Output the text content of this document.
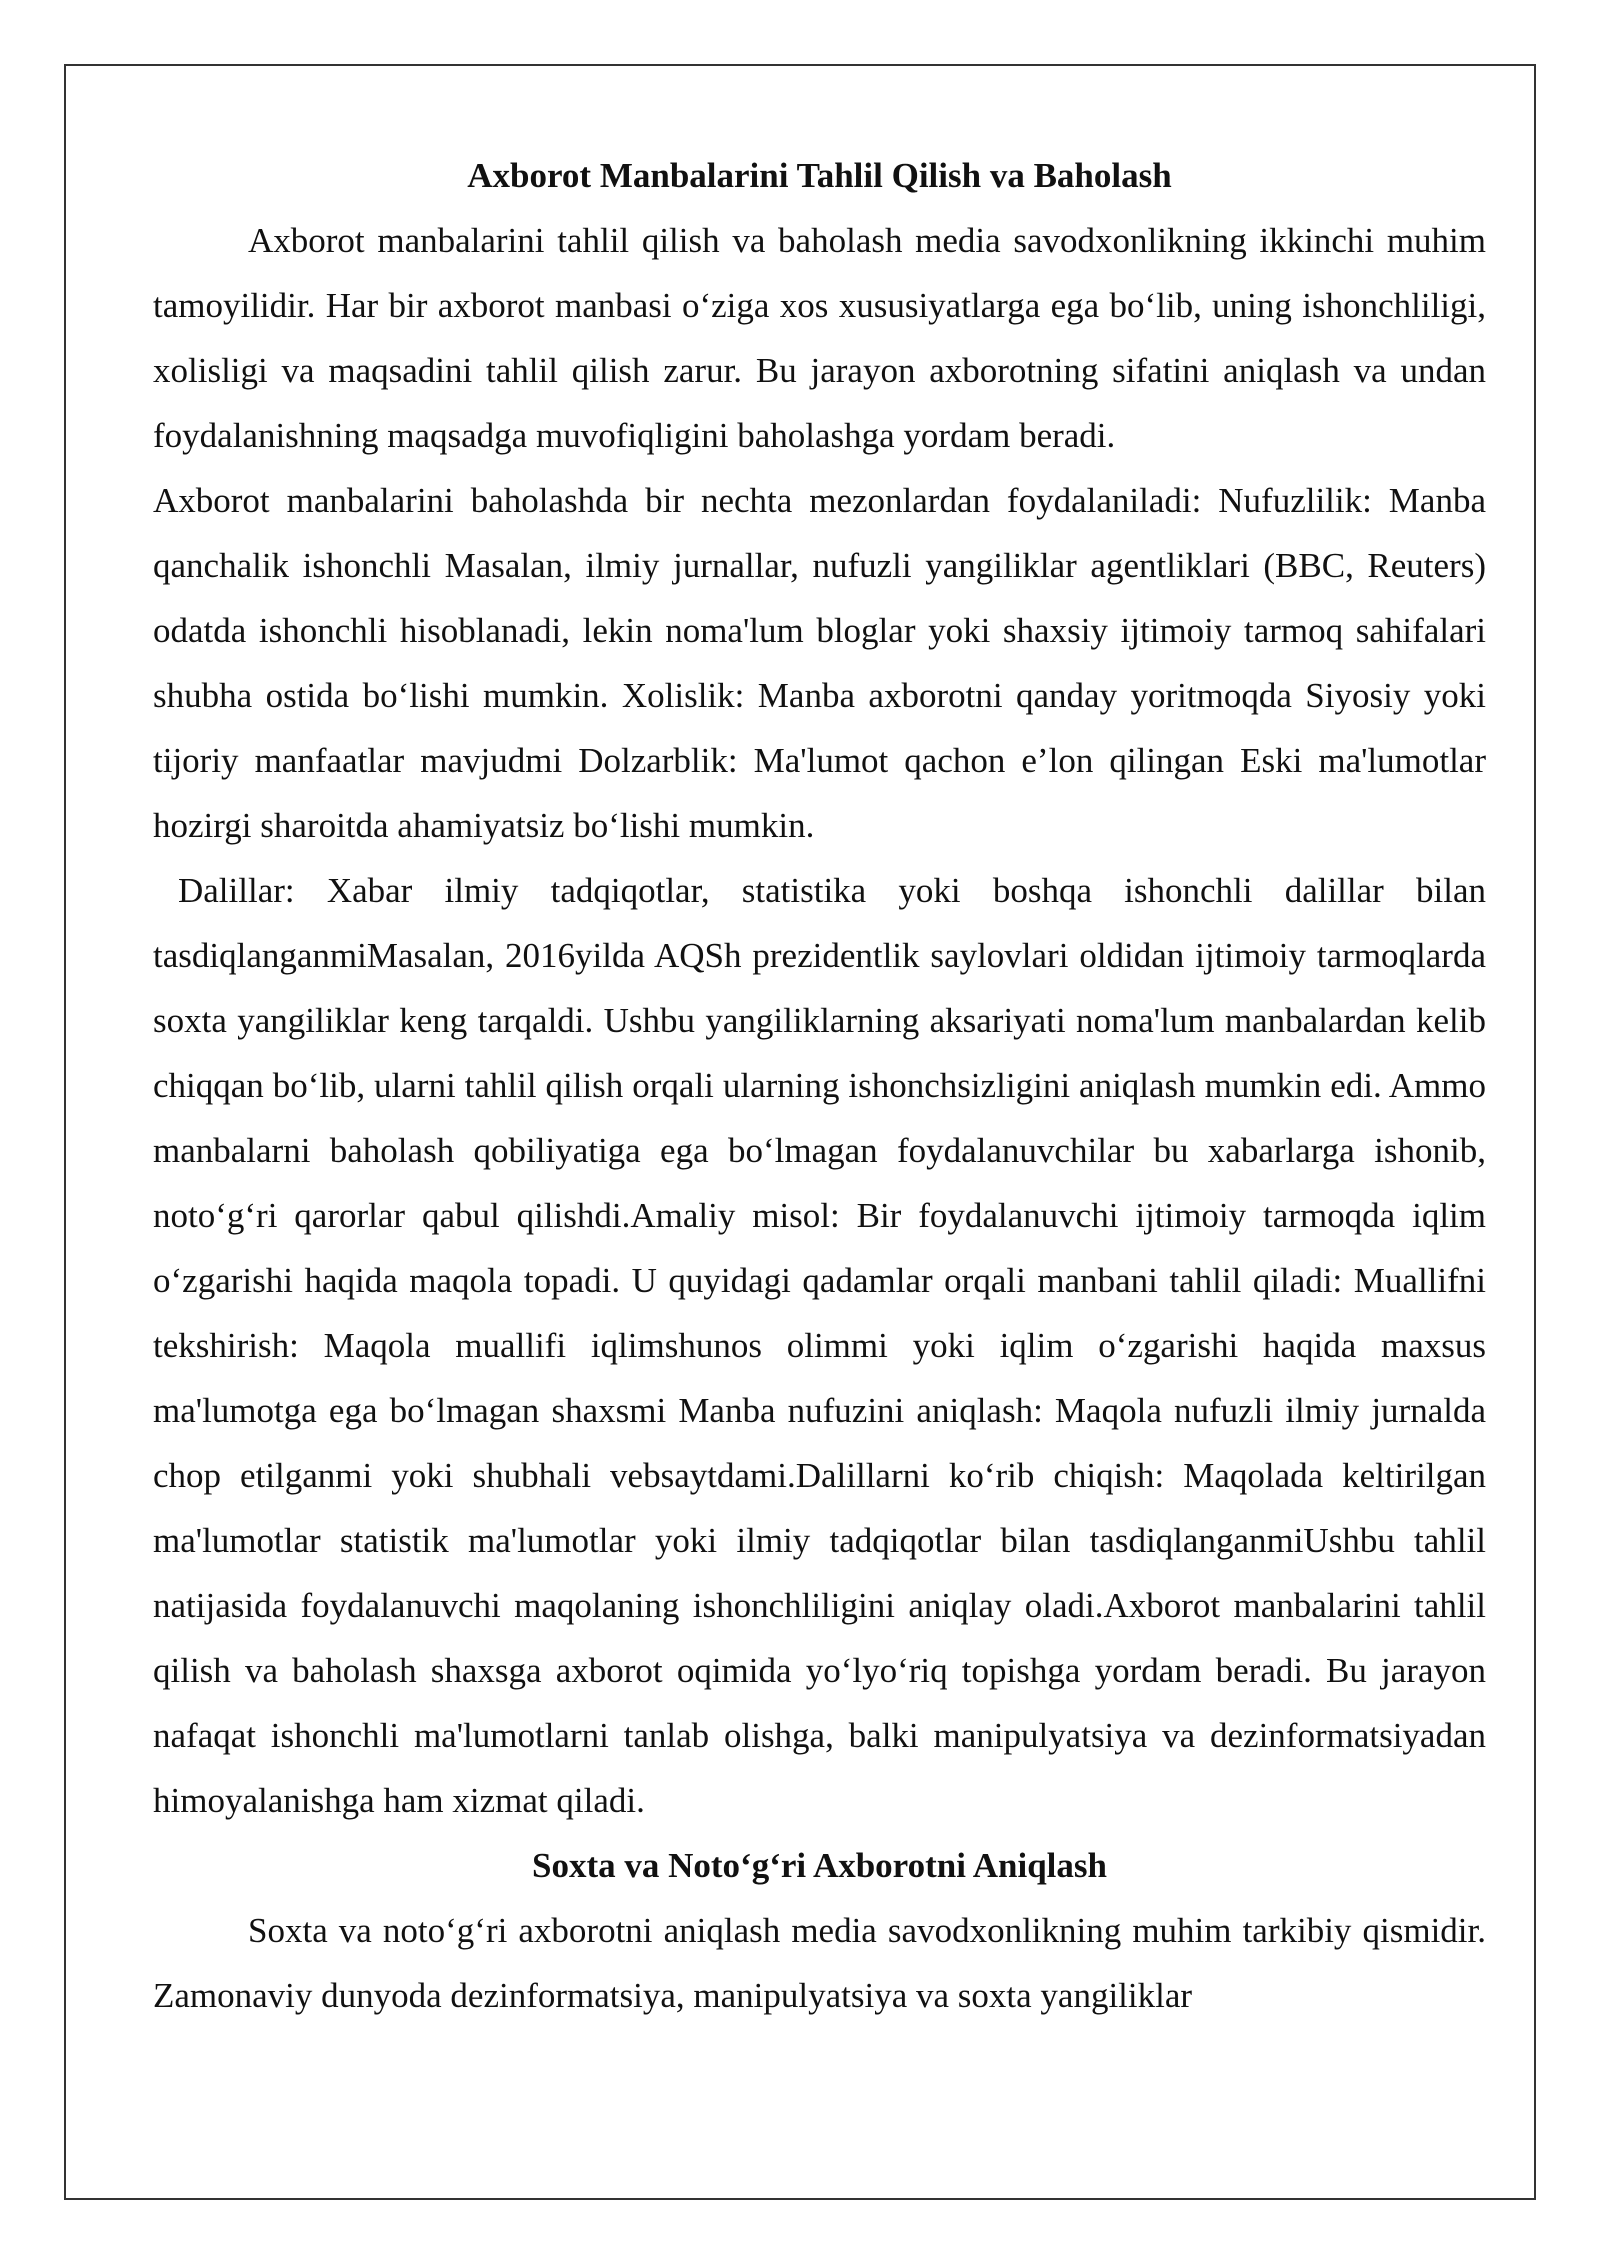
Axborot Manbalarini Tahlil Qilish va Baholash

Axborot manbalarini tahlil qilish va baholash media savodxonlikning ikkinchi muhim tamoyilidir. Har bir axborot manbasi o‘ziga xos xususiyatlarga ega bo‘lib, uning ishonchliligi, xolisligi va maqsadini tahlil qilish zarur. Bu jarayon axborotning sifatini aniqlash va undan foydalanishning maqsadga muvofiqligini baholashga yordam beradi.

Axborot manbalarini baholashda bir nechta mezonlardan foydalaniladi: Nufuzlilik: Manba qanchalik ishonchli Masalan, ilmiy jurnallar, nufuzli yangiliklar agentliklari (BBC, Reuters) odatda ishonchli hisoblanadi, lekin noma'lum bloglar yoki shaxsiy ijtimoiy tarmoq sahifalari shubha ostida bo‘lishi mumkin. Xolislik: Manba axborotni qanday yoritmoqda Siyosiy yoki tijoriy manfaatlar mavjudmi Dolzarblik: Ma'lumot qachon e’lon qilingan Eski ma'lumotlar hozirgi sharoitda ahamiyatsiz bo‘lishi mumkin.

Dalillar: Xabar ilmiy tadqiqotlar, statistika yoki boshqa ishonchli dalillar bilan tasdiqlanganmiMasalan, 2016yilda AQSh prezidentlik saylovlari oldidan ijtimoiy tarmoqlarda soxta yangiliklar keng tarqaldi. Ushbu yangiliklarning aksariyati noma'lum manbalardan kelib chiqqan bo‘lib, ularni tahlil qilish orqali ularning ishonchsizligini aniqlash mumkin edi. Ammo manbalarni baholash qobiliyatiga ega bo‘lmagan foydalanuvchilar bu xabarlarga ishonib, noto‘g‘ri qarorlar qabul qilishdi.Amaliy misol: Bir foydalanuvchi ijtimoiy tarmoqda iqlim o‘zgarishi haqida maqola topadi. U quyidagi qadamlar orqali manbani tahlil qiladi: Muallifni tekshirish: Maqola muallifi iqlimshunos olimmi yoki iqlim o‘zgarishi haqida maxsus ma'lumotga ega bo‘lmagan shaxsmi Manba nufuzini aniqlash: Maqola nufuzli ilmiy jurnalda chop etilganmi yoki shubhali vebsaytdami.Dalillarni ko‘rib chiqish: Maqolada keltirilgan ma'lumotlar statistik ma'lumotlar yoki ilmiy tadqiqotlar bilan tasdiqlanganmiUshbu tahlil natijasida foydalanuvchi maqolaning ishonchliligini aniqlay oladi.Axborot manbalarini tahlil qilish va baholash shaxsga axborot oqimida yo‘lyo‘riq topishga yordam beradi. Bu jarayon nafaqat ishonchli ma'lumotlarni tanlab olishga, balki manipulyatsiya va dezinformatsiyadan himoyalanishga ham xizmat qiladi.

Soxta va Noto‘g‘ri Axborotni Aniqlash

Soxta va noto‘g‘ri axborotni aniqlash media savodxonlikning muhim tarkibiy qismidir. Zamonaviy dunyoda dezinformatsiya, manipulyatsiya va soxta yangiliklar
